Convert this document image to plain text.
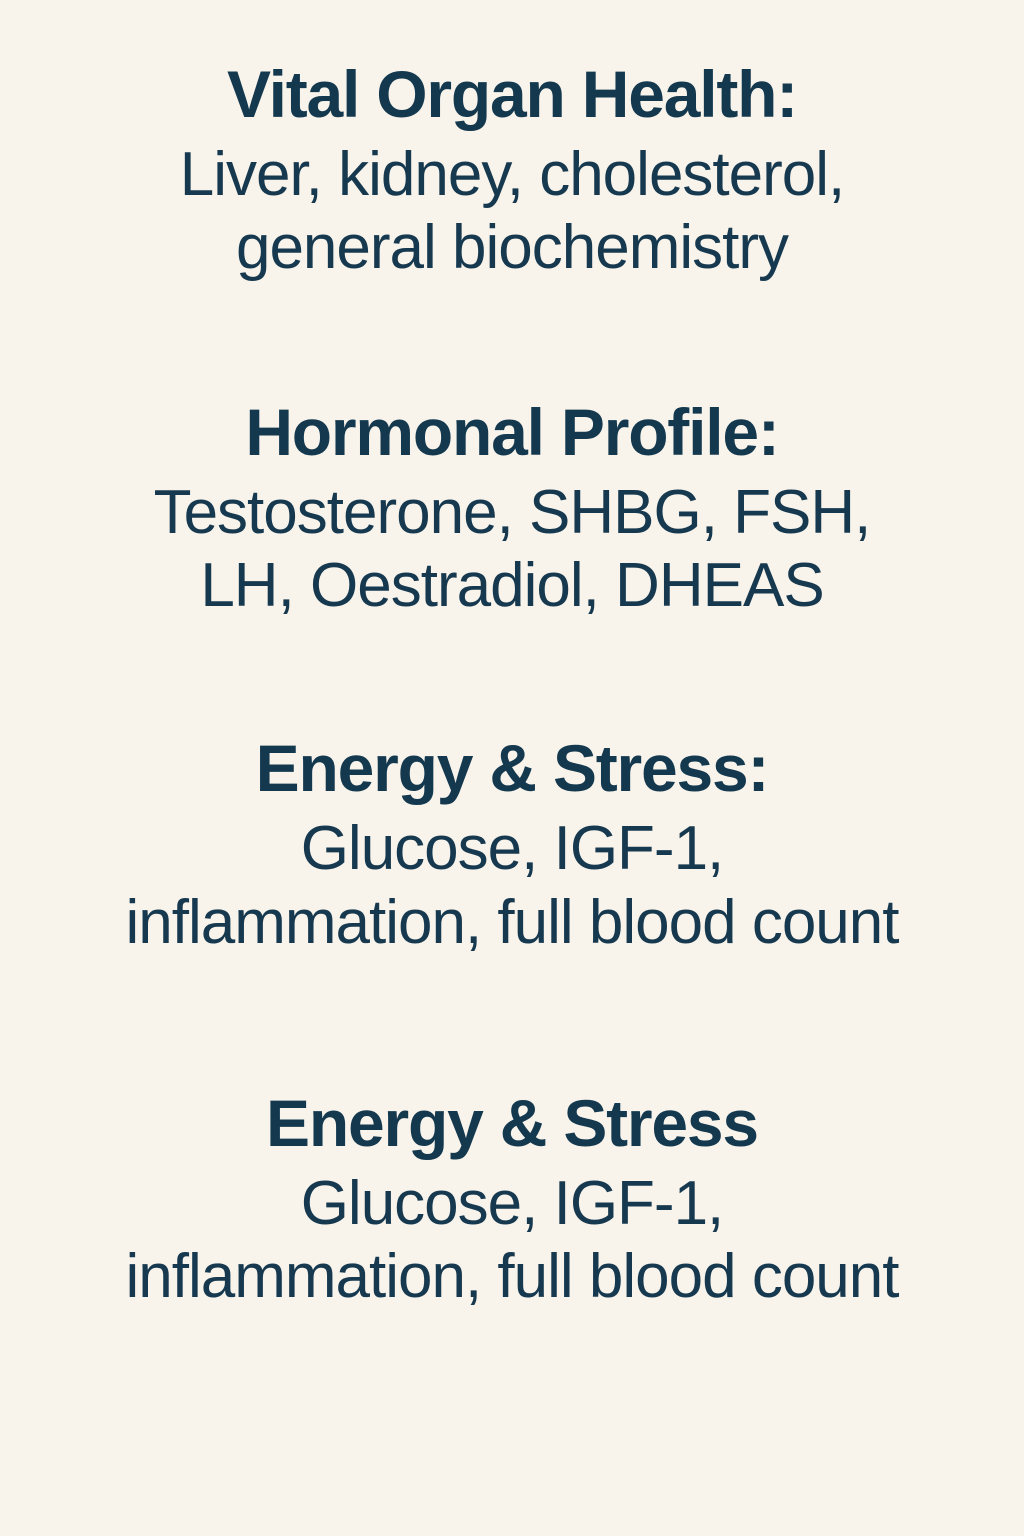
Vital Organ Health:
Liver, kidney, cholesterol,
general biochemistry
Hormonal Profile:
Testosterone, SHBG, FSH,
LH, Oestradiol, DHEAS
Energy & Stress:
Glucose, IGF-1,
inflammation, full blood count
Energy & Stress
Glucose, IGF-1,
inflammation, full blood count
